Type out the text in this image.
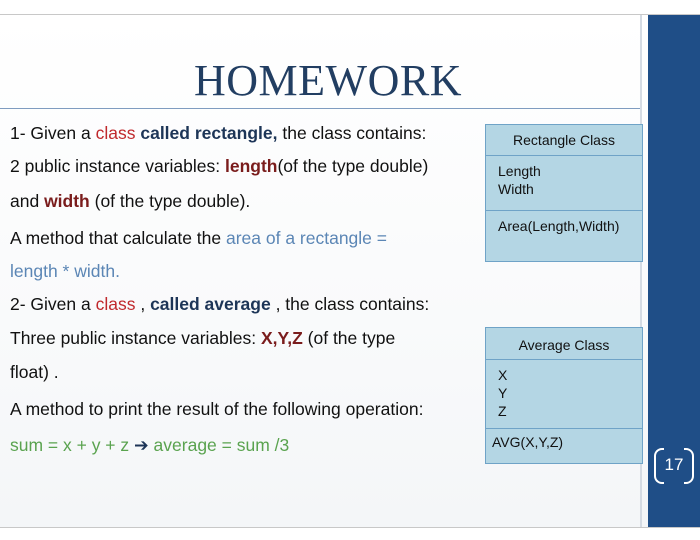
HOMEWORK
1- Given a class called rectangle, the class contains:
2 public instance variables: length(of the type double)
and width (of the type double).
A method that calculate the area of a rectangle =
length * width.
2- Given a class , called average , the class contains:
Three public instance variables: X,Y,Z (of the type
float) .
A method to print the result of the following operation:
sum = x + y + z ➔ average = sum /3
Rectangle Class
Length
Width
Area(Length,Width)
Average Class
X
Y
Z
AVG(X,Y,Z)
17
